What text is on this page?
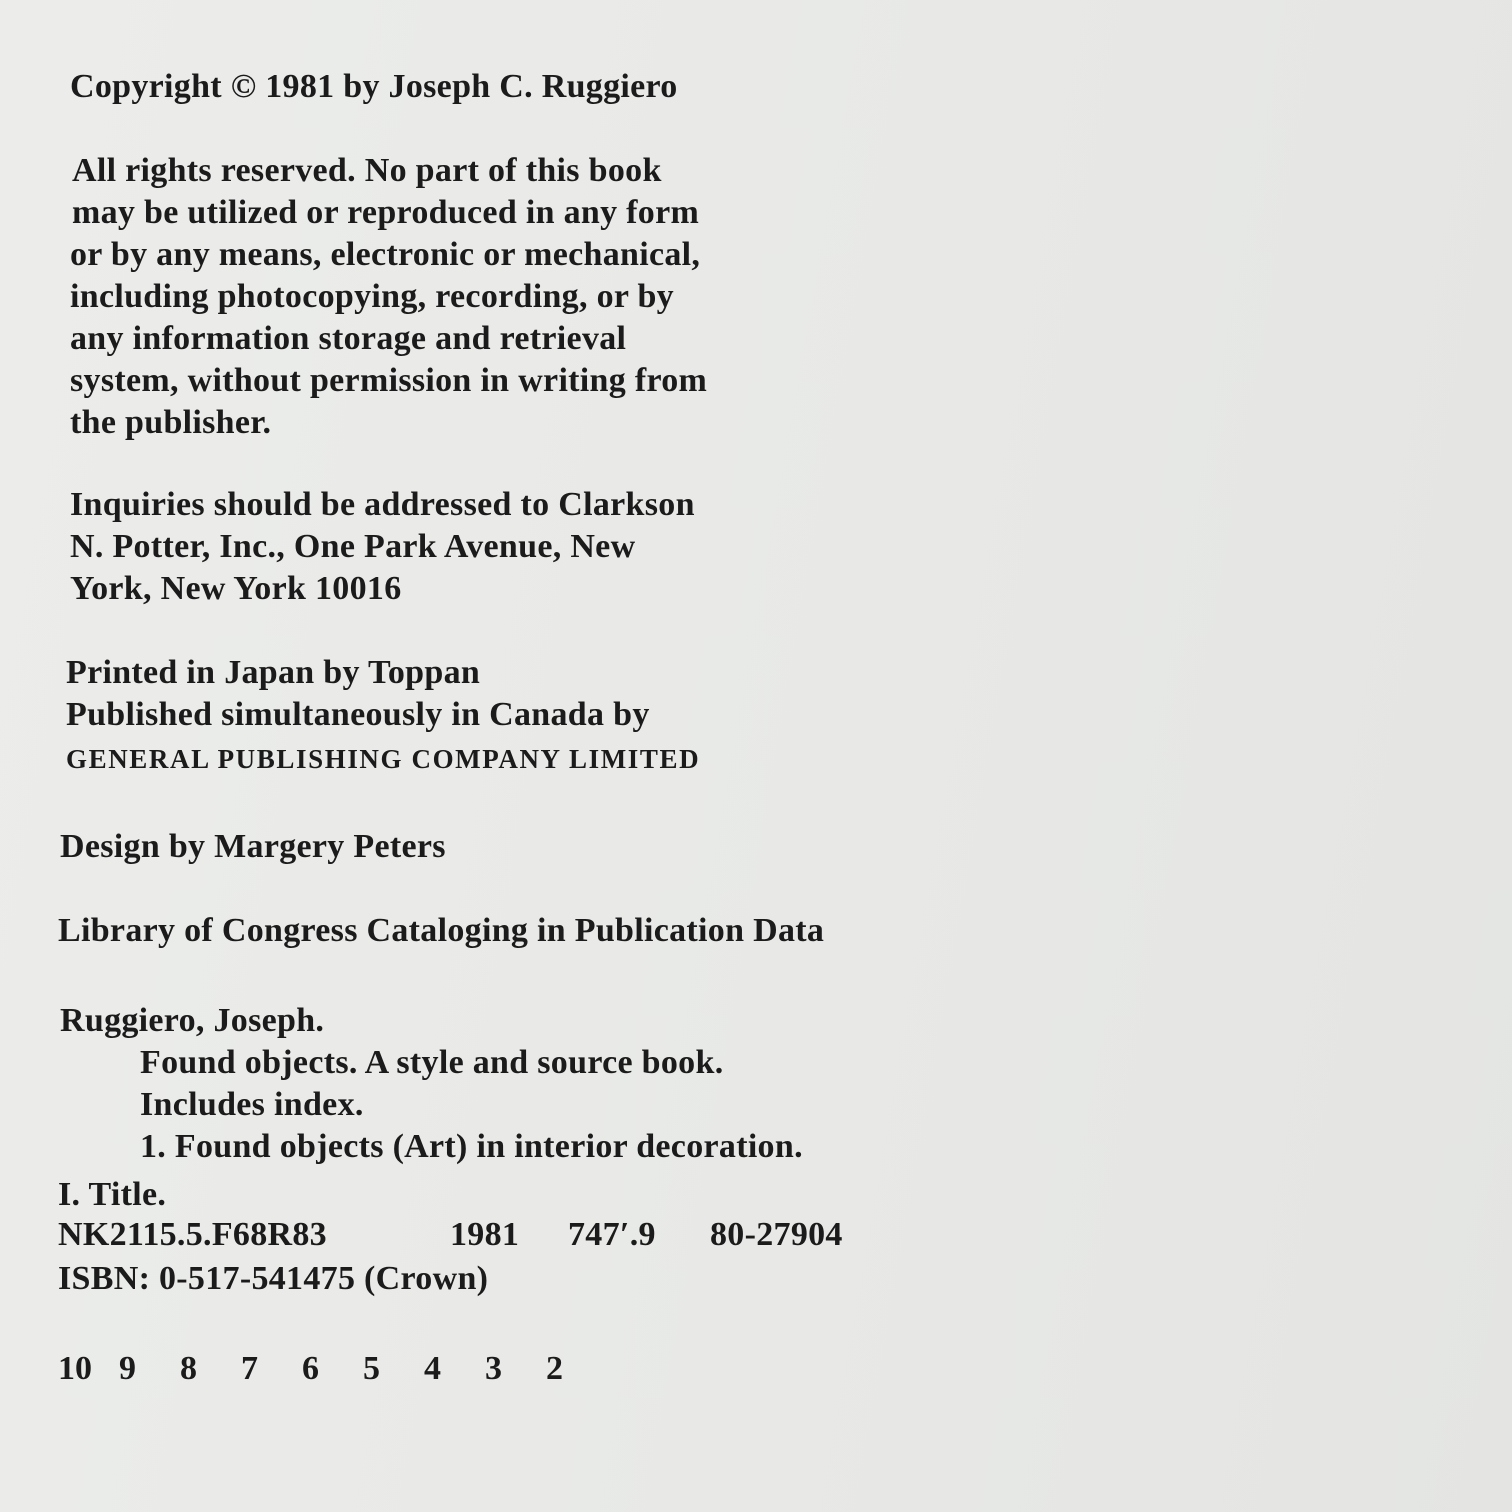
Copyright © 1981 by Joseph C. Ruggiero
All rights reserved. No part of this book
may be utilized or reproduced in any form
or by any means, electronic or mechanical,
including photocopying, recording, or by
any information storage and retrieval
system, without permission in writing from
the publisher.
Inquiries should be addressed to Clarkson
N. Potter, Inc., One Park Avenue, New
York, New York 10016
Printed in Japan by Toppan
Published simultaneously in Canada by
GENERAL PUBLISHING COMPANY LIMITED
Design by Margery Peters
Library of Congress Cataloging in Publication Data
Ruggiero, Joseph.
Found objects. A style and source book.
Includes index.
1. Found objects (Art) in interior decoration.
I. Title.
NK2115.5.F68R83	1981	747′.9	80-27904
ISBN: 0-517-541475 (Crown)
10 9	8	7	6	5	4	3	2
